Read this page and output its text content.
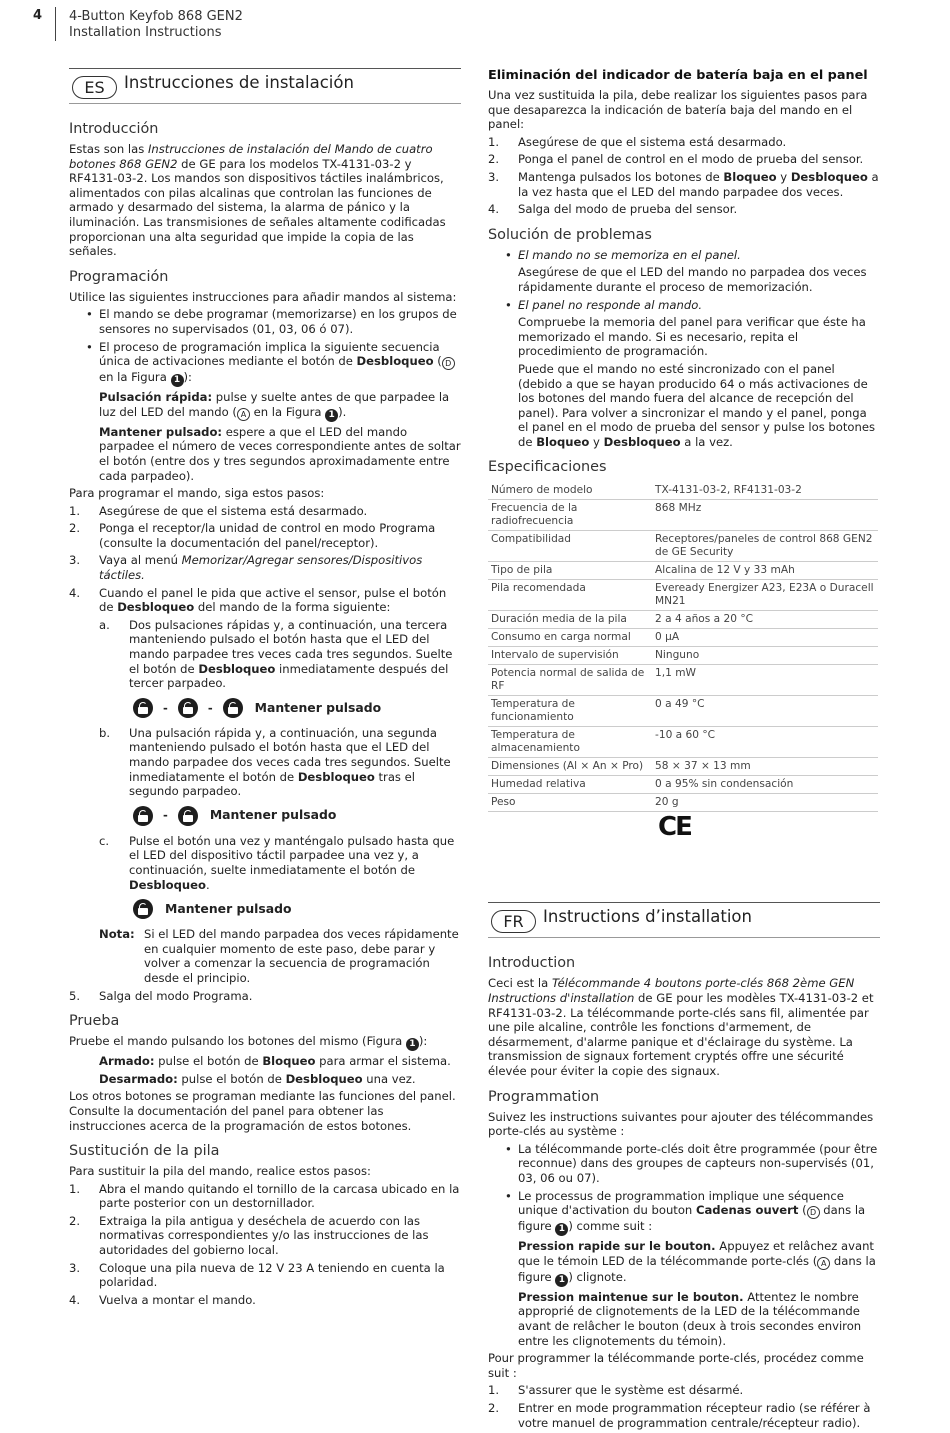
4 4-Button Keyfob 868 GEN2
Installation Instructions
ES	Instrucciones de instalación
Introducción

Estas son las Instrucciones de instalación del Mando de cuatro botones 868 GEN2 de GE para los modelos TX-4131-03-2 y RF4131-03-2. Los mandos son dispositivos táctiles inalámbricos, alimentados con pilas alcalinas que controlan las funciones de armado y desarmado del sistema, la alarma de pánico y la iluminación. Las transmisiones de señales altamente codificadas proporcionan una alta seguridad que impide la copia de las señales.

Programación

Utilice las siguientes instrucciones para añadir mandos al sistema:

• El mando se debe programar (memorizarse) en los grupos de sensores no supervisados (01, 03, 06 ó 07).
• El proceso de programación implica la siguiente secuencia única de activaciones mediante el botón de Desbloqueo ( D en la Figura 1 ):

Pulsación rápida: pulse y suelte antes de que parpadee la luz del LED del mando ( A en la Figura 1 ).

Mantener pulsado: espere a que el LED del mando parpadee el número de veces correspondiente antes de soltar el botón (entre dos y tres segundos aproximadamente entre cada parpadeo).

Para programar el mando, siga estos pasos:

1. Asegúrese de que el sistema está desarmado.
2. Ponga el receptor/la unidad de control en modo Programa (consulte la documentación del panel/receptor).
3. Vaya al menú Memorizar/Agregar sensores/Dispositivos táctiles.
4. Cuando el panel le pida que active el sensor, pulse el botón de Desbloqueo del mando de la forma siguiente:
a. Dos pulsaciones rápidas y, a continuación, una tercera manteniendo pulsado el botón hasta que el LED del mando parpadee tres veces cada tres segundos. Suelte el botón de Desbloqueo inmediatamente después del tercer parpadeo.
-	-	Mantener pulsado
b. Una pulsación rápida y, a continuación, una segunda manteniendo pulsado el botón hasta que el LED del mando parpadee dos veces cada tres segundos. Suelte inmediatamente el botón de Desbloqueo tras el segundo parpadeo.
-	Mantener pulsado
c. Pulse el botón una vez y manténgalo pulsado hasta que el LED del dispositivo táctil parpadee una vez y, a continuación, suelte inmediatamente el botón de Desbloqueo.
Mantener pulsado
Nota: Si el LED del mando parpadea dos veces rápidamente en cualquier momento de este paso, debe parar y volver a comenzar la secuencia de programación desde el principio.
5. Salga del modo Programa.
Prueba

Pruebe el mando pulsando los botones del mismo (Figura 1 ):

Armado: pulse el botón de Bloqueo para armar el sistema.

Desarmado: pulse el botón de Desbloqueo una vez.

Los otros botones se programan mediante las funciones del panel. Consulte la documentación del panel para obtener las instrucciones acerca de la programación de estos botones.

Sustitución de la pila

Para sustituir la pila del mando, realice estos pasos:

1. Abra el mando quitando el tornillo de la carcasa ubicado en la parte posterior con un destornillador.
2. Extraiga la pila antigua y deséchela de acuerdo con las normativas correspondientes y/o las instrucciones de las autoridades del gobierno local.
3. Coloque una pila nueva de 12 V 23 A teniendo en cuenta la polaridad.
4. Vuelva a montar el mando.
Eliminación del indicador de batería baja en el panel

Una vez sustituida la pila, debe realizar los siguientes pasos para que desaparezca la indicación de batería baja del mando en el panel:

1. Asegúrese de que el sistema está desarmado.
2. Ponga el panel de control en el modo de prueba del sensor.
3. Mantenga pulsados los botones de Bloqueo y Desbloqueo a la vez hasta que el LED del mando parpadee dos veces.
4. Salga del modo de prueba del sensor.
Solución de problemas
• El mando no se memoriza en el panel.

Asegúrese de que el LED del mando no parpadea dos veces rápidamente durante el proceso de memorización.

• El panel no responde al mando.

Compruebe la memoria del panel para verificar que éste ha memorizado el mando. Si es necesario, repita el procedimiento de programación.

Puede que el mando no esté sincronizado con el panel (debido a que se hayan producido 64 o más activaciones de los botones del mando fuera del alcance de recepción del panel). Para volver a sincronizar el mando y el panel, ponga el panel en el modo de prueba del sensor y pulse los botones de Bloqueo y Desbloqueo a la vez.

Especificaciones
Número de modelo	TX-4131-03-2, RF4131-03-2
Frecuencia de la radiofrecuencia	868 MHz
Compatibilidad	Receptores/paneles de control 868 GEN2 de GE Security
Tipo de pila	Alcalina de 12 V y 33 mAh
Pila recomendada	Eveready Energizer A23, E23A o Duracell MN21
Duración media de la pila	2 a 4 años a 20 °C
Consumo en carga normal	0 µA
Intervalo de supervisión	Ninguno
Potencia normal de salida de RF	1,1 mW
Temperatura de funcionamiento	0 a 49 °C
Temperatura de almacenamiento	-10 a 60 °C
Dimensiones (Al × An × Pro)	58 × 37 × 13 mm
Humedad relativa	0 a 95% sin condensación
Peso	20 g
CE
FR	Instructions d’installation
Introduction

Ceci est la Télécommande 4 boutons porte-clés 868 2ème GEN Instructions d'installation de GE pour les modèles TX-4131-03-2 et RF4131-03-2. La télécommande porte-clés sans fil, alimentée par une pile alcaline, contrôle les fonctions d'armement, de désarmement, d'alarme panique et d'éclairage du système. La transmission de signaux fortement cryptés offre une sécurité élevée pour éviter la copie des signaux.

Programmation

Suivez les instructions suivantes pour ajouter des télécommandes porte-clés au système :

• La télécommande porte-clés doit être programmée (pour être reconnue) dans des groupes de capteurs non-supervisés (01, 03, 06 ou 07).
• Le processus de programmation implique une séquence unique d'activation du bouton Cadenas ouvert ( D dans la figure 1 ) comme suit :

Pression rapide sur le bouton. Appuyez et relâchez avant que le témoin LED de la télécommande porte-clés ( A dans la figure 1 ) clignote.

Pression maintenue sur le bouton. Attentez le nombre approprié de clignotements de la LED de la télécommande avant de relâcher le bouton (deux à trois secondes environ entre les clignotements du témoin).

Pour programmer la télécommande porte-clés, procédez comme suit :

1. S'assurer que le système est désarmé.
2. Entrer en mode programmation récepteur radio (se référer à votre manuel de programmation centrale/récepteur radio).
